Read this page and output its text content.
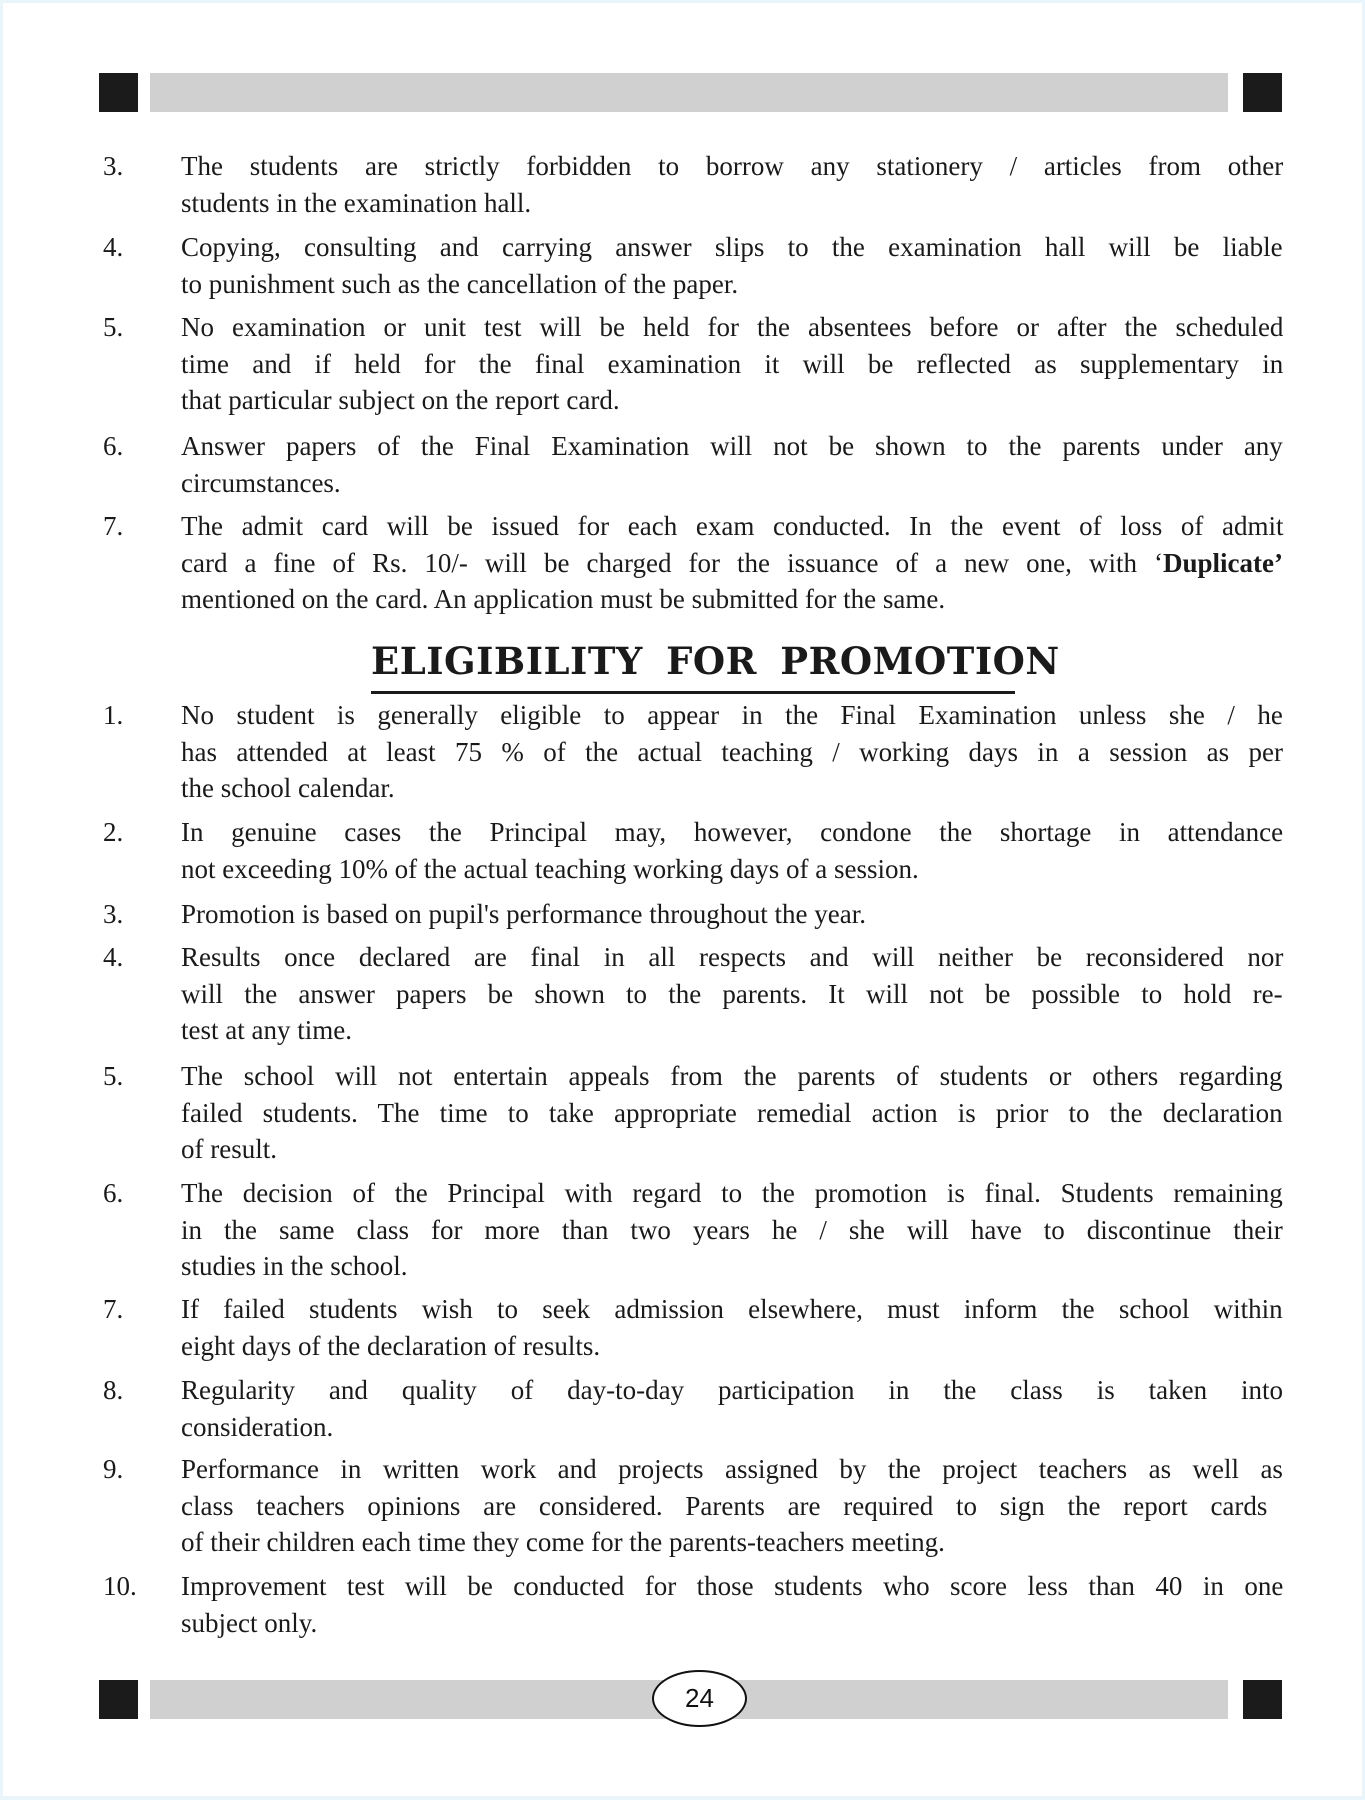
3. The students are strictly forbidden to borrow any stationery / articles from other
students in the examination hall.
4. Copying, consulting and carrying answer slips to the examination hall will be liable
to punishment such as the cancellation of the paper.
5. No examination or unit test will be held for the absentees before or after the scheduled
time and if held for the final examination it will be reflected as supplementary in
that particular subject on the report card.
6. Answer papers of the Final Examination will not be shown to the parents under any
circumstances.
7. The admit card will be issued for each exam conducted. In the event of loss of admit
card a fine of Rs. 10/- will be charged for the issuance of a new one, with ‘Duplicate’
mentioned on the card. An application must be submitted for the same.
ELIGIBILITY FOR PROMOTION
1. No student is generally eligible to appear in the Final Examination unless she / he
has attended at least 75 % of the actual teaching / working days in a session as per
the school calendar.
2. In genuine cases the Principal may, however, condone the shortage in attendance
not exceeding 10% of the actual teaching working days of a session.
3. Promotion is based on pupil's performance throughout the year.
4. Results once declared are final in all respects and will neither be reconsidered nor
will the answer papers be shown to the parents. It will not be possible to hold re-
test at any time.
5. The school will not entertain appeals from the parents of students or others regarding
failed students. The time to take appropriate remedial action is prior to the declaration
of result.
6. The decision of the Principal with regard to the promotion is final. Students remaining
in the same class for more than two years he / she will have to discontinue their
studies in the school.
7. If failed students wish to seek admission elsewhere, must inform the school within
eight days of the declaration of results.
8. Regularity and quality of day-to-day participation in the class is taken into
consideration.
9. Performance in written work and projects assigned by the project teachers as well as
class teachers opinions are considered. Parents are required to sign the report cards
of their children each time they come for the parents-teachers meeting.
10. Improvement test will be conducted for those students who score less than 40 in one
subject only.
24
